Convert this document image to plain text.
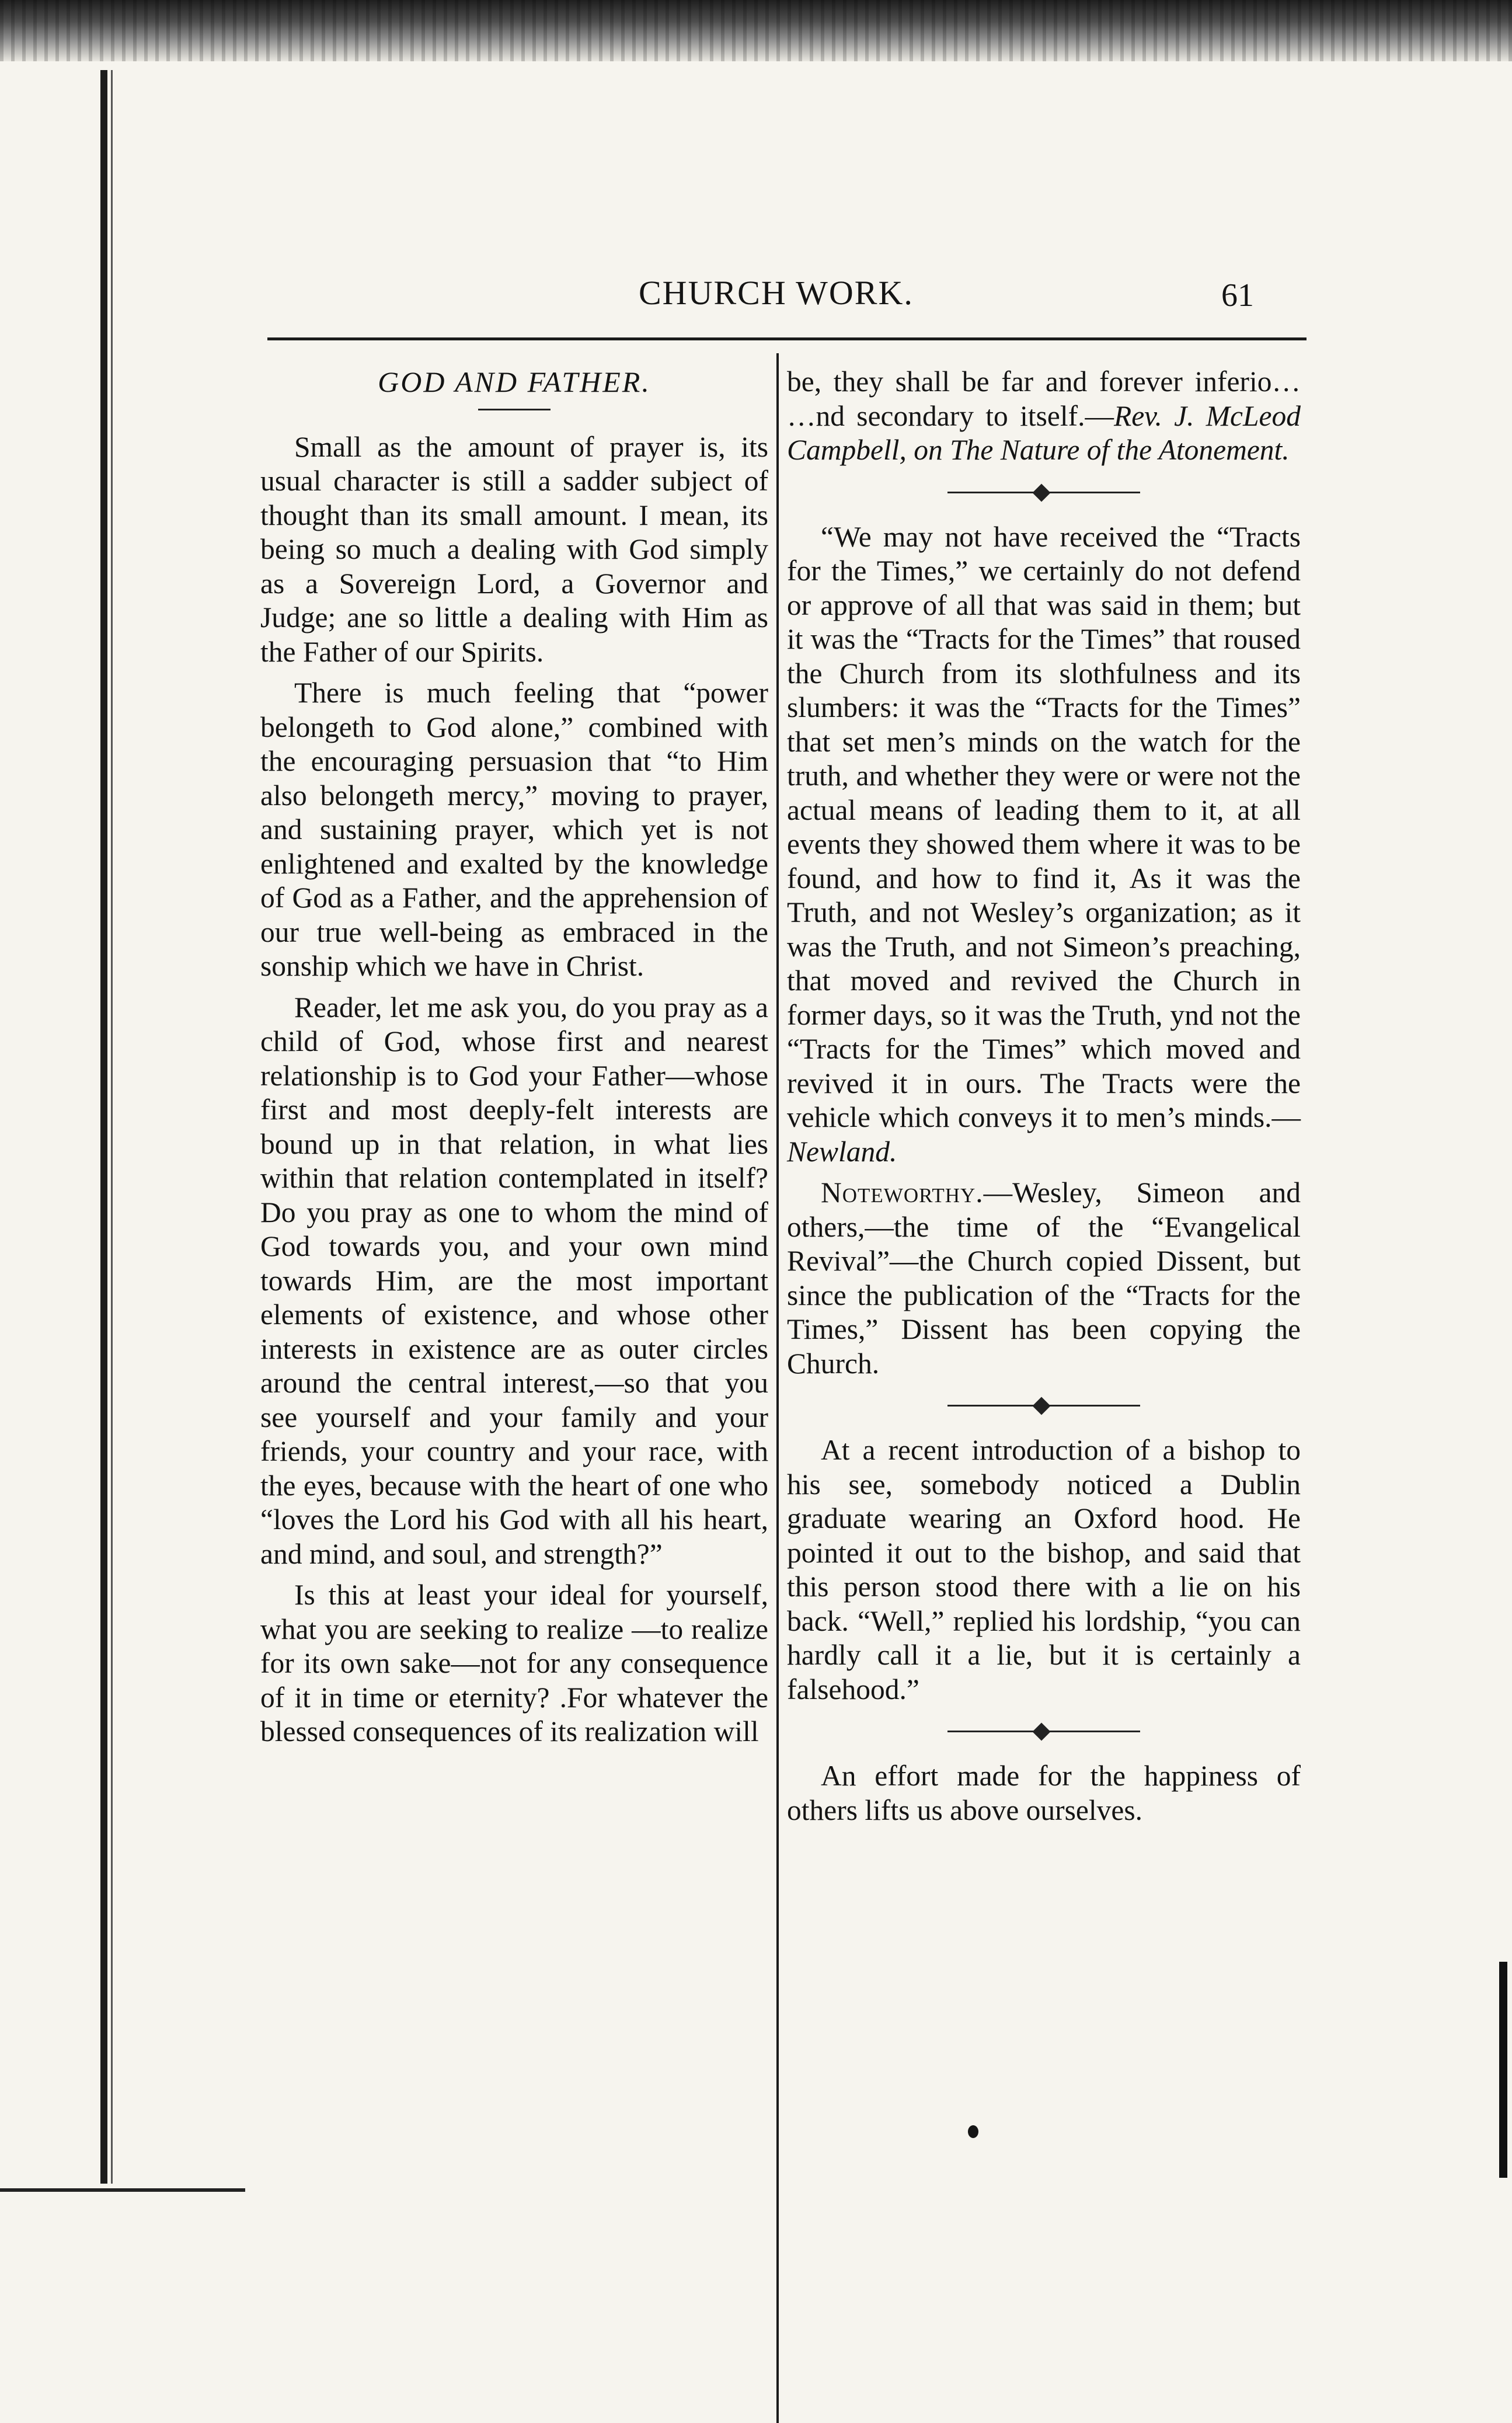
CHURCH WORK.	61
GOD AND FATHER.

Small as the amount of prayer is, its usual character is still a sadder subject of thought than its small amount. I mean, its being so much a dealing with God simply as a Sovereign Lord, a Governor and Judge; ane so little a dealing with Him as the Father of our Spirits.

There is much feeling that “power belongeth to God alone,” combined with the encouraging persuasion that “to Him also belongeth mercy,” moving to prayer, and sustaining prayer, which yet is not enlightened and exalted by the knowledge of God as a Father, and the apprehension of our true well-being as embraced in the sonship which we have in Christ.

Reader, let me ask you, do you pray as a child of God, whose first and nearest relationship is to God your Father—whose first and most deeply-felt interests are bound up in that relation, in what lies within that relation contemplated in itself? Do you pray as one to whom the mind of God towards you, and your own mind towards Him, are the most important elements of existence, and whose other interests in existence are as outer circles around the central interest,—so that you see yourself and your family and your friends, your country and your race, with the eyes, because with the heart of one who “loves the Lord his God with all his heart, and mind, and soul, and strength?”

Is this at least your ideal for yourself, what you are seeking to realize —to realize for its own sake—not for any consequence of it in time or eternity? .For whatever the blessed consequences of its realization will

be, they shall be far and forever inferio… …nd secondary to itself.—Rev. J. McLeod Campbell, on The Nature of the Atonement.

“We may not have received the “Tracts for the Times,” we certainly do not defend or approve of all that was said in them; but it was the “Tracts for the Times” that roused the Church from its slothfulness and its slumbers: it was the “Tracts for the Times” that set men’s minds on the watch for the truth, and whether they were or were not the actual means of leading them to it, at all events they showed them where it was to be found, and how to find it, As it was the Truth, and not Wesley’s organization; as it was the Truth, and not Simeon’s preaching, that moved and revived the Church in former days, so it was the Truth, ynd not the “Tracts for the Times” which moved and revived it in ours. The Tracts were the vehicle which conveys it to men’s minds.—Newland.

Noteworthy.—Wesley, Simeon and others,—the time of the “Evangelical Revival”—the Church copied Dissent, but since the publication of the “Tracts for the Times,” Dissent has been copying the Church.

At a recent introduction of a bishop to his see, somebody noticed a Dublin graduate wearing an Oxford hood. He pointed it out to the bishop, and said that this person stood there with a lie on his back. “Well,” replied his lordship, “you can hardly call it a lie, but it is certainly a falsehood.”

An effort made for the happiness of others lifts us above ourselves.
